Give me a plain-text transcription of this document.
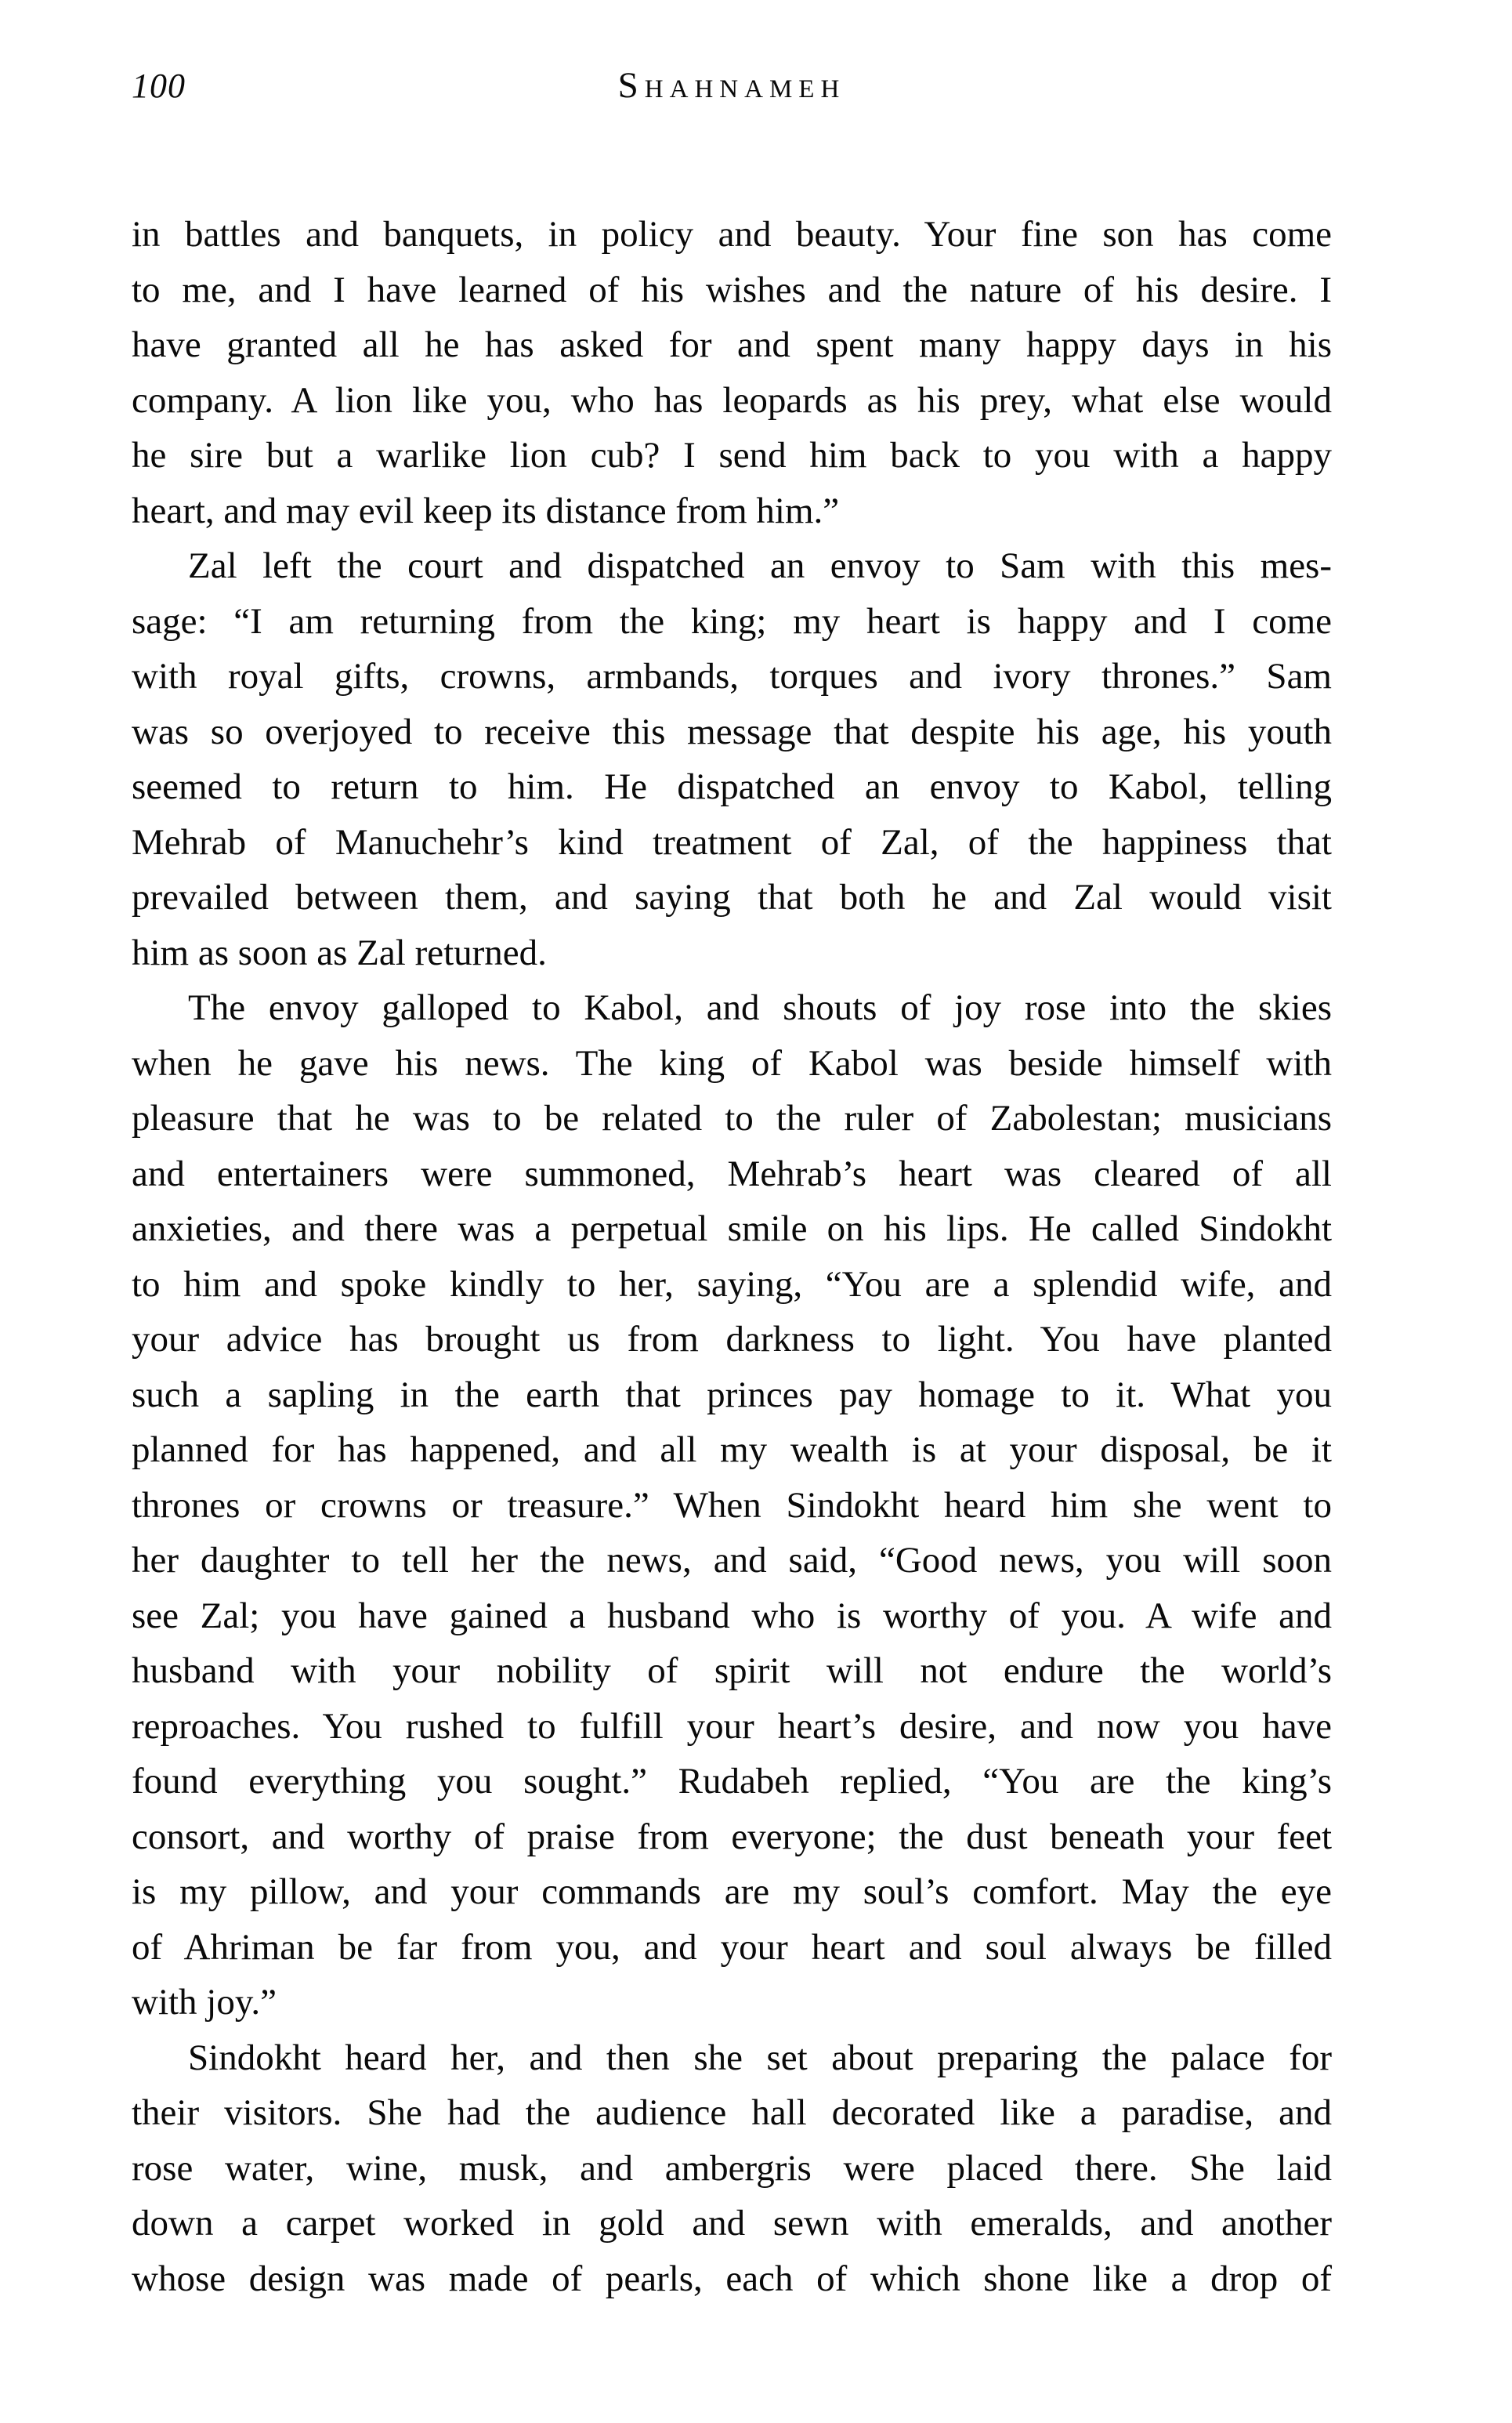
100	Shahnameh
in battles and banquets, in policy and beauty. Your fine son has come
to me, and I have learned of his wishes and the nature of his desire. I
have granted all he has asked for and spent many happy days in his
company. A lion like you, who has leopards as his prey, what else would
he sire but a warlike lion cub? I send him back to you with a happy
heart, and may evil keep its distance from him.”
Zal left the court and dispatched an envoy to Sam with this mes-
sage: “I am returning from the king; my heart is happy and I come
with royal gifts, crowns, armbands, torques and ivory thrones.” Sam
was so overjoyed to receive this message that despite his age, his youth
seemed to return to him. He dispatched an envoy to Kabol, telling
Mehrab of Manuchehr’s kind treatment of Zal, of the happiness that
prevailed between them, and saying that both he and Zal would visit
him as soon as Zal returned.
The envoy galloped to Kabol, and shouts of joy rose into the skies
when he gave his news. The king of Kabol was beside himself with
pleasure that he was to be related to the ruler of Zabolestan; musicians
and entertainers were summoned, Mehrab’s heart was cleared of all
anxieties, and there was a perpetual smile on his lips. He called Sindokht
to him and spoke kindly to her, saying, “You are a splendid wife, and
your advice has brought us from darkness to light. You have planted
such a sapling in the earth that princes pay homage to it. What you
planned for has happened, and all my wealth is at your disposal, be it
thrones or crowns or treasure.” When Sindokht heard him she went to
her daughter to tell her the news, and said, “Good news, you will soon
see Zal; you have gained a husband who is worthy of you. A wife and
husband with your nobility of spirit will not endure the world’s
reproaches. You rushed to fulfill your heart’s desire, and now you have
found everything you sought.” Rudabeh replied, “You are the king’s
consort, and worthy of praise from everyone; the dust beneath your feet
is my pillow, and your commands are my soul’s comfort. May the eye
of Ahriman be far from you, and your heart and soul always be filled
with joy.”
Sindokht heard her, and then she set about preparing the palace for
their visitors. She had the audience hall decorated like a paradise, and
rose water, wine, musk, and ambergris were placed there. She laid
down a carpet worked in gold and sewn with emeralds, and another
whose design was made of pearls, each of which shone like a drop of
